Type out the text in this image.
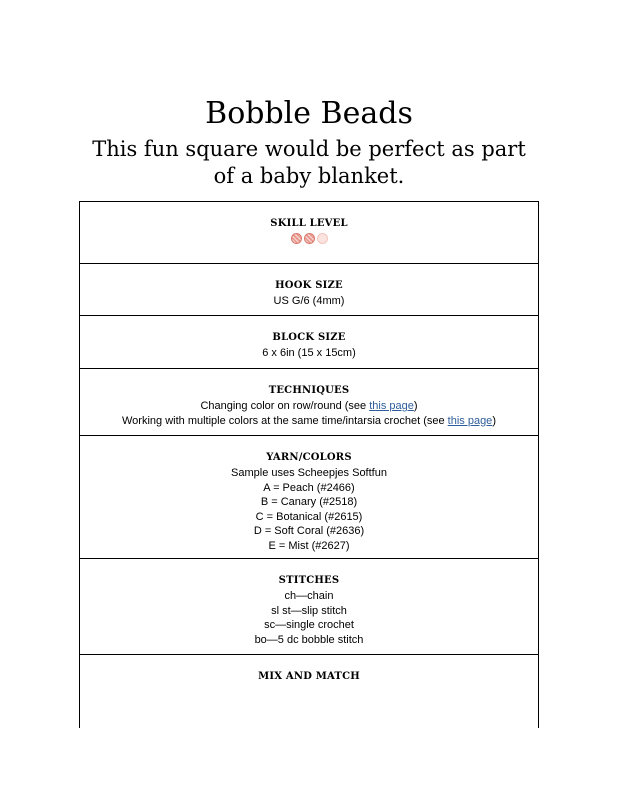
Bobble Beads
This fun square would be perfect as part of a baby blanket.
SKILL LEVEL
HOOK SIZE
US G/6 (4mm)
BLOCK SIZE
6 x 6in (15 x 15cm)
TECHNIQUES
Changing color on row/round (see this page)
Working with multiple colors at the same time/intarsia crochet (see this page)
YARN/COLORS
Sample uses Scheepjes Softfun
A = Peach (#2466)
B = Canary (#2518)
C = Botanical (#2615)
D = Soft Coral (#2636)
E = Mist (#2627)
STITCHES
ch—chain
sl st—slip stitch
sc—single crochet
bo—5 dc bobble stitch
MIX AND MATCH
